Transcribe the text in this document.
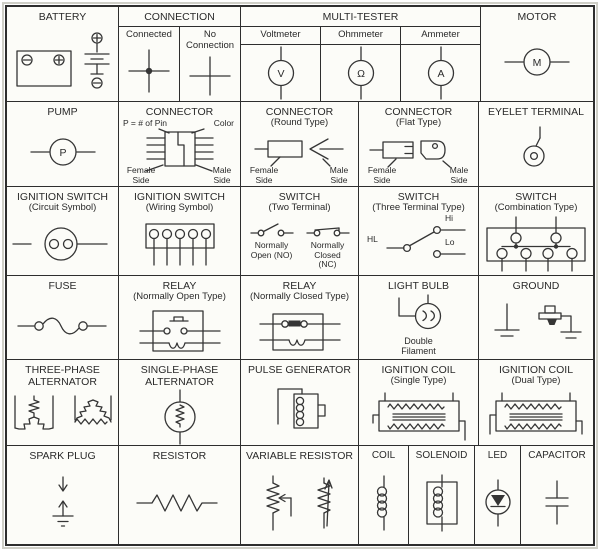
BATTERY	CONNECTION
Connected	No Connection
MULTI-TESTER
Voltmeter
V
Ohmmeter
Ω
Ammeter
A
MOTOR
M
PUMP
P
CONNECTOR
P = # of Pin	Color
Female Side
Male Side
CONNECTOR
(Round Type)
Female Side
Male Side
CONNECTOR
(Flat Type)
Female Side
Male Side
EYELET TERMINAL
IGNITION SWITCH
(Circuit Symbol)
IGNITION SWITCH
(Wiring Symbol)
SWITCH
(Two Terminal)
Normally Open (NO)
Normally Closed (NC)
SWITCH
(Three Terminal Type)
HL
Hi
Lo
SWITCH
(Combination Type)
FUSE	RELAY
(Normally Open Type)
RELAY
(Normally Closed Type)
LIGHT BULB
Double Filament
GROUND
THREE-PHASE ALTERNATOR
SINGLE-PHASE ALTERNATOR
PULSE GENERATOR	IGNITION COIL
(Single Type)
IGNITION COIL
(Dual Type)
SPARK PLUG	RESISTOR	VARIABLE RESISTOR	COIL	SOLENOID	LED	CAPACITOR
